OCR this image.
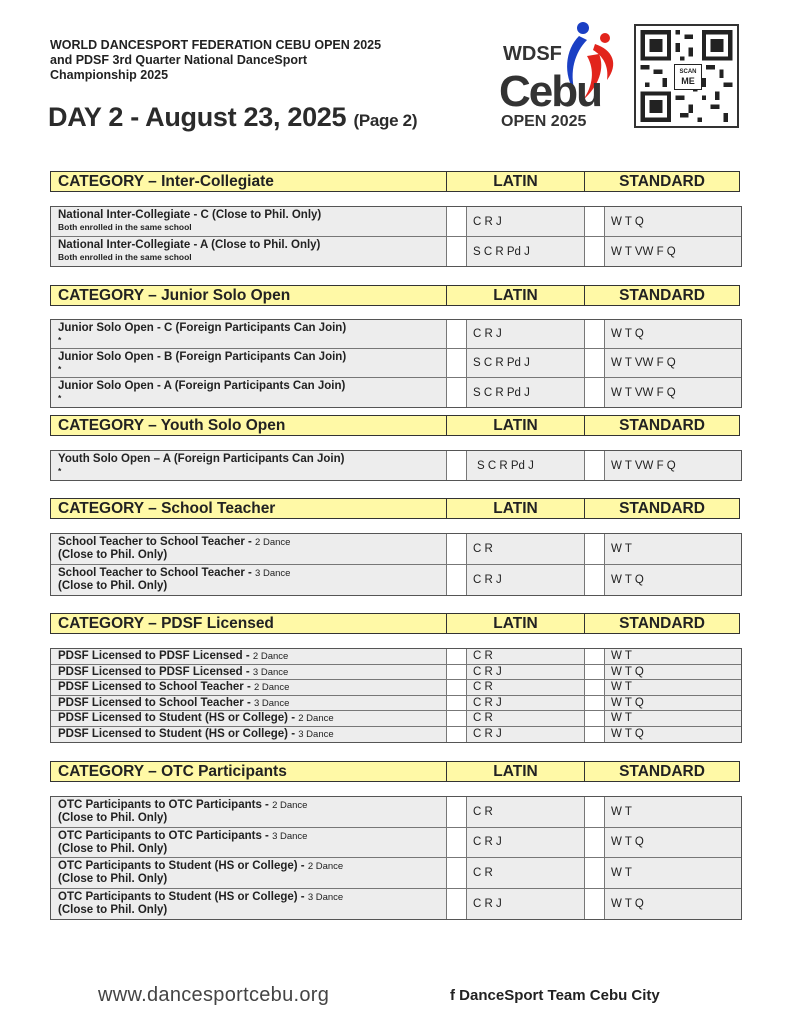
WORLD DANCESPORT FEDERATION CEBU OPEN 2025
and PDSF 3rd Quarter National DanceSport
Championship 2025
DAY 2 - August 23, 2025 (Page 2)
WDSF
Cebu
OPEN 2025
SCAN
ME
CATEGORY – Inter-Collegiate	LATIN	STANDARD
National Inter-Collegiate - C (Close to Phil. Only)
Both enrolled in the same school	C R J	W T Q
National Inter-Collegiate - A (Close to Phil. Only)
Both enrolled in the same school	S C R Pd J	W T VW F Q
CATEGORY – Junior Solo Open	LATIN	STANDARD
Junior Solo Open - C (Foreign Participants Can Join)
*	C R J	W T Q
Junior Solo Open - B (Foreign Participants Can Join)
*	S C R Pd J	W T VW F Q
Junior Solo Open - A (Foreign Participants Can Join)
*	S C R Pd J	W T VW F Q
CATEGORY – Youth Solo Open	LATIN	STANDARD
Youth Solo Open – A (Foreign Participants Can Join)
*	S C R Pd J	W T VW F Q
CATEGORY – School Teacher	LATIN	STANDARD
School Teacher to School Teacher - 2 Dance
(Close to Phil. Only)	C R	W T
School Teacher to School Teacher - 3 Dance
(Close to Phil. Only)	C R J	W T Q
CATEGORY – PDSF Licensed	LATIN	STANDARD
PDSF Licensed to PDSF Licensed - 2 Dance	C R	W T
PDSF Licensed to PDSF Licensed - 3 Dance	C R J	W T Q
PDSF Licensed to School Teacher - 2 Dance	C R	W T
PDSF Licensed to School Teacher - 3 Dance	C R J	W T Q
PDSF Licensed to Student (HS or College) - 2 Dance	C R	W T
PDSF Licensed to Student (HS or College) - 3 Dance	C R J	W T Q
CATEGORY – OTC Participants	LATIN	STANDARD
OTC Participants to OTC Participants - 2 Dance
(Close to Phil. Only)
C R	W T
OTC Participants to OTC Participants - 3 Dance
(Close to Phil. Only)
C R J	W T Q
OTC Participants to Student (HS or College) - 2 Dance
(Close to Phil. Only)
C R	W T
OTC Participants to Student (HS or College) - 3 Dance
(Close to Phil. Only)	C R J	W T Q
www.dancesportcebu.org	f DanceSport Team Cebu City
